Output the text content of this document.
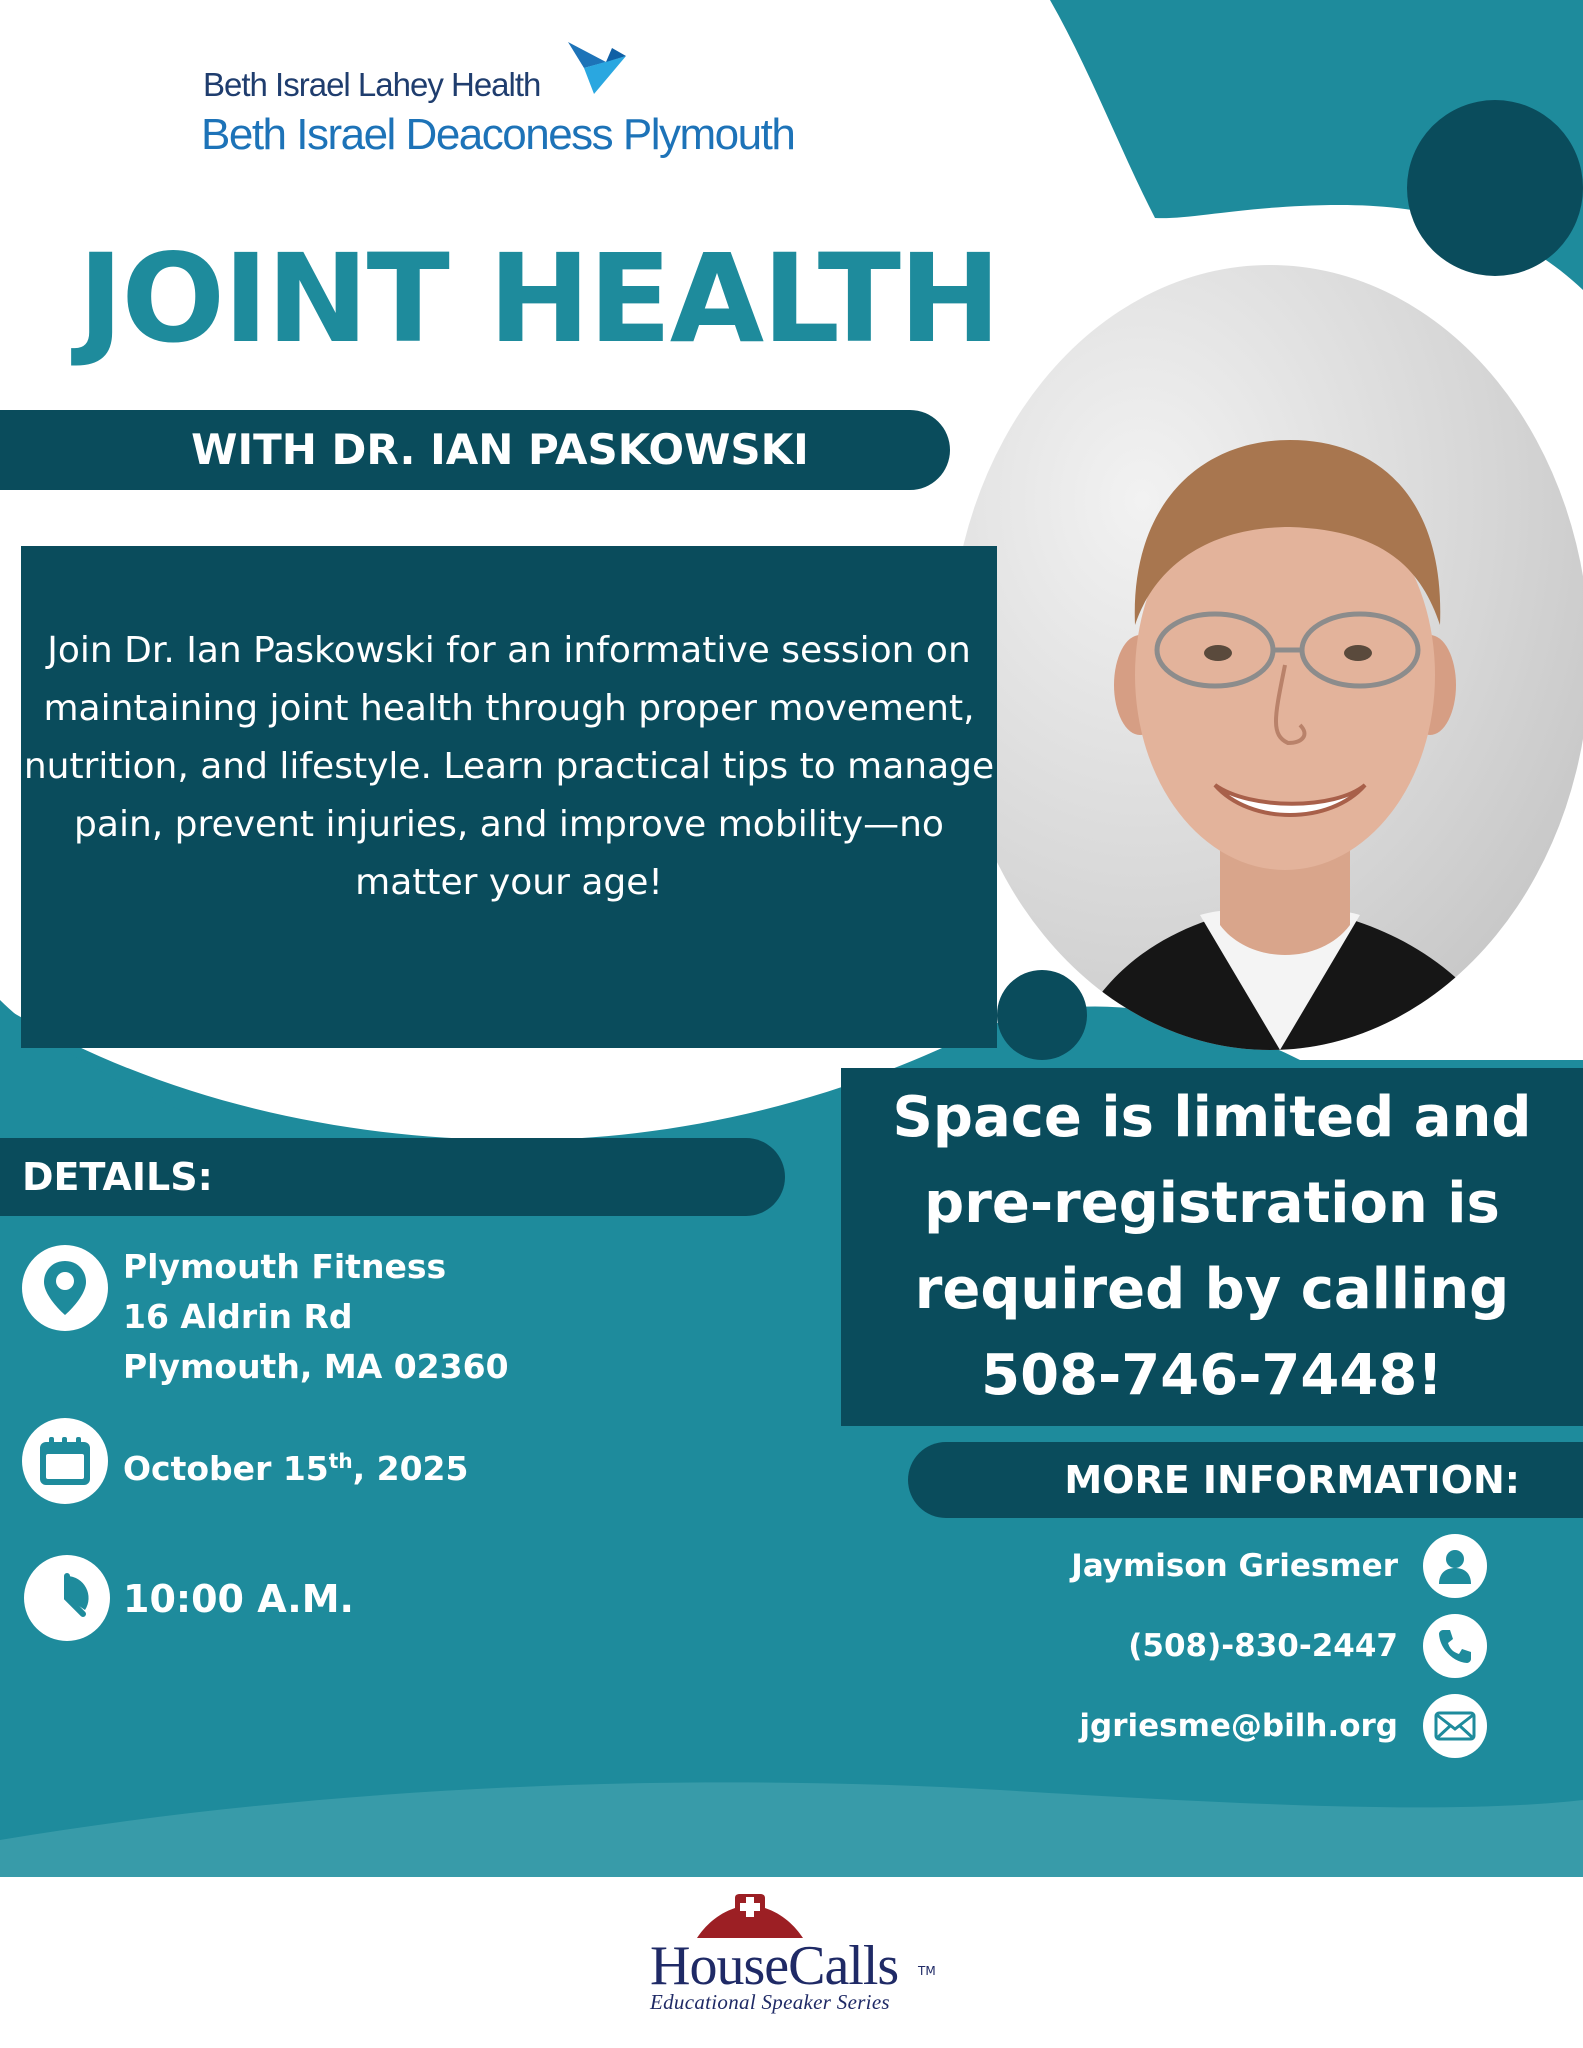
Beth Israel Lahey Health
Beth Israel Deaconess Plymouth
JOINT HEALTH
WITH DR. IAN PASKOWSKI
Join Dr. Ian Paskowski for an informative session on maintaining joint health through proper movement, nutrition, and lifestyle. Learn practical tips to manage pain, prevent injuries, and improve mobility—no matter your age!
Space is limited and pre-registration is required by calling 508-746-7448!
DETAILS:
Plymouth Fitness
16 Aldrin Rd
Plymouth, MA 02360
October 15th, 2025
10:00 A.M.
MORE INFORMATION:
Jaymison Griesmer
(508)-830-2447
jgriesme@bilh.org
HouseCalls TM
Educational Speaker Series
